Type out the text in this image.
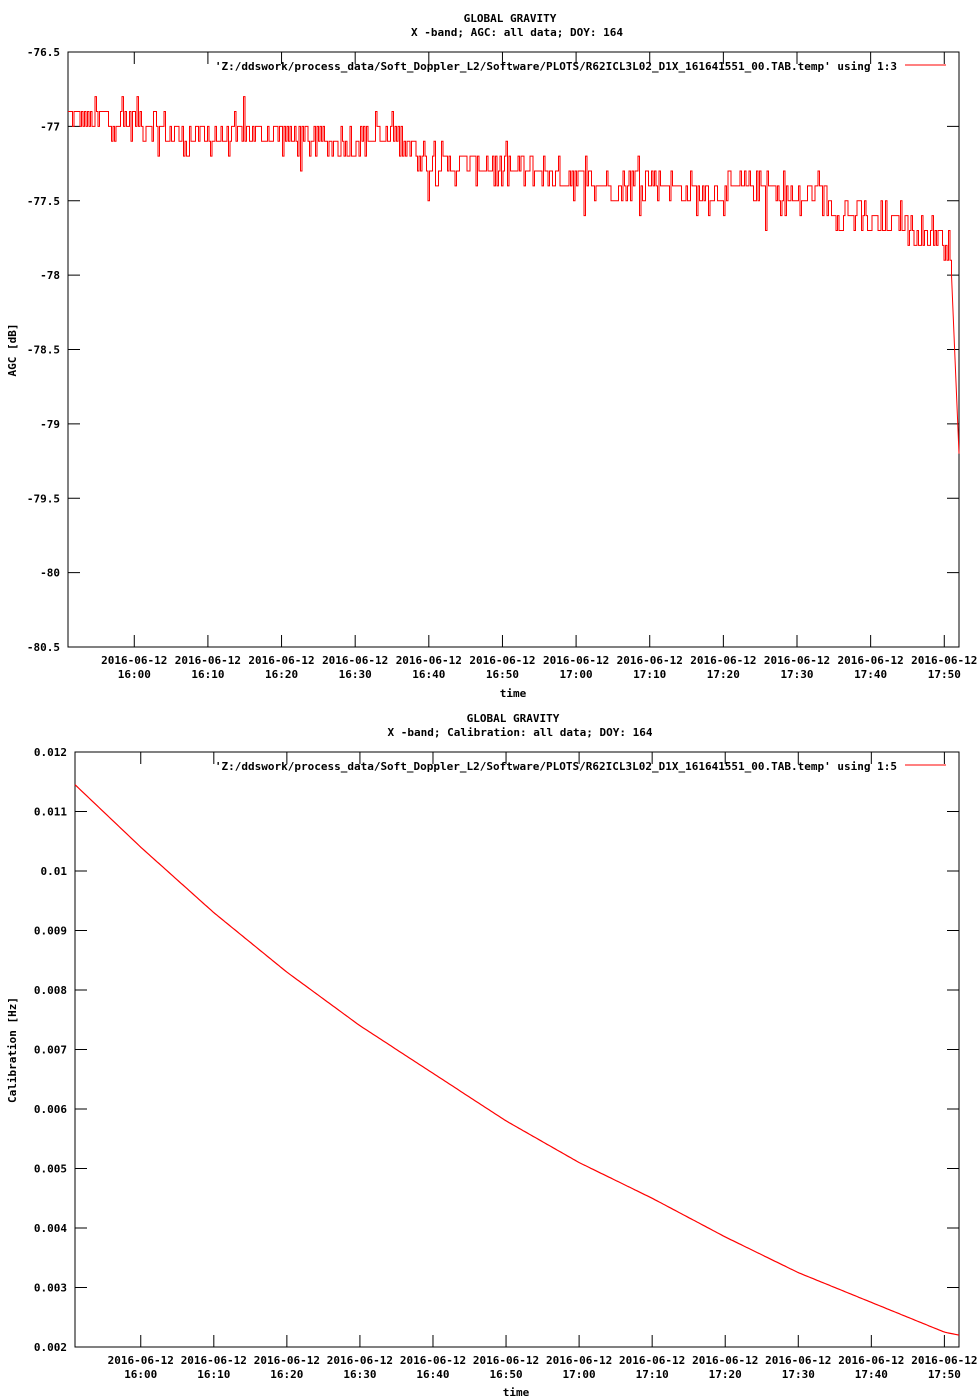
GLOBAL GRAVITY
X -band; AGC: all data; DOY: 164
'Z:/ddswork/process_data/Soft_Doppler_L2/Software/PLOTS/R62ICL3L02_D1X_161641551_00.TAB.temp' using 1:3
-76.5
-77
-77.5
-78
-78.5
-79
-79.5
-80
-80.5
2016-06-12
16:00
2016-06-12
16:10
2016-06-12
16:20
2016-06-12
16:30
2016-06-12
16:40
2016-06-12
16:50
2016-06-12
17:00
2016-06-12
17:10
2016-06-12
17:20
2016-06-12
17:30
2016-06-12
17:40
2016-06-12
17:50
AGC [dB]
time
GLOBAL GRAVITY
X -band; Calibration: all data; DOY: 164
'Z:/ddswork/process_data/Soft_Doppler_L2/Software/PLOTS/R62ICL3L02_D1X_161641551_00.TAB.temp' using 1:5
0.012
0.011
0.01
0.009
0.008
0.007
0.006
0.005
0.004
0.003
0.002
2016-06-12
16:00
2016-06-12
16:10
2016-06-12
16:20
2016-06-12
16:30
2016-06-12
16:40
2016-06-12
16:50
2016-06-12
17:00
2016-06-12
17:10
2016-06-12
17:20
2016-06-12
17:30
2016-06-12
17:40
2016-06-12
17:50
Calibration [Hz]
time
